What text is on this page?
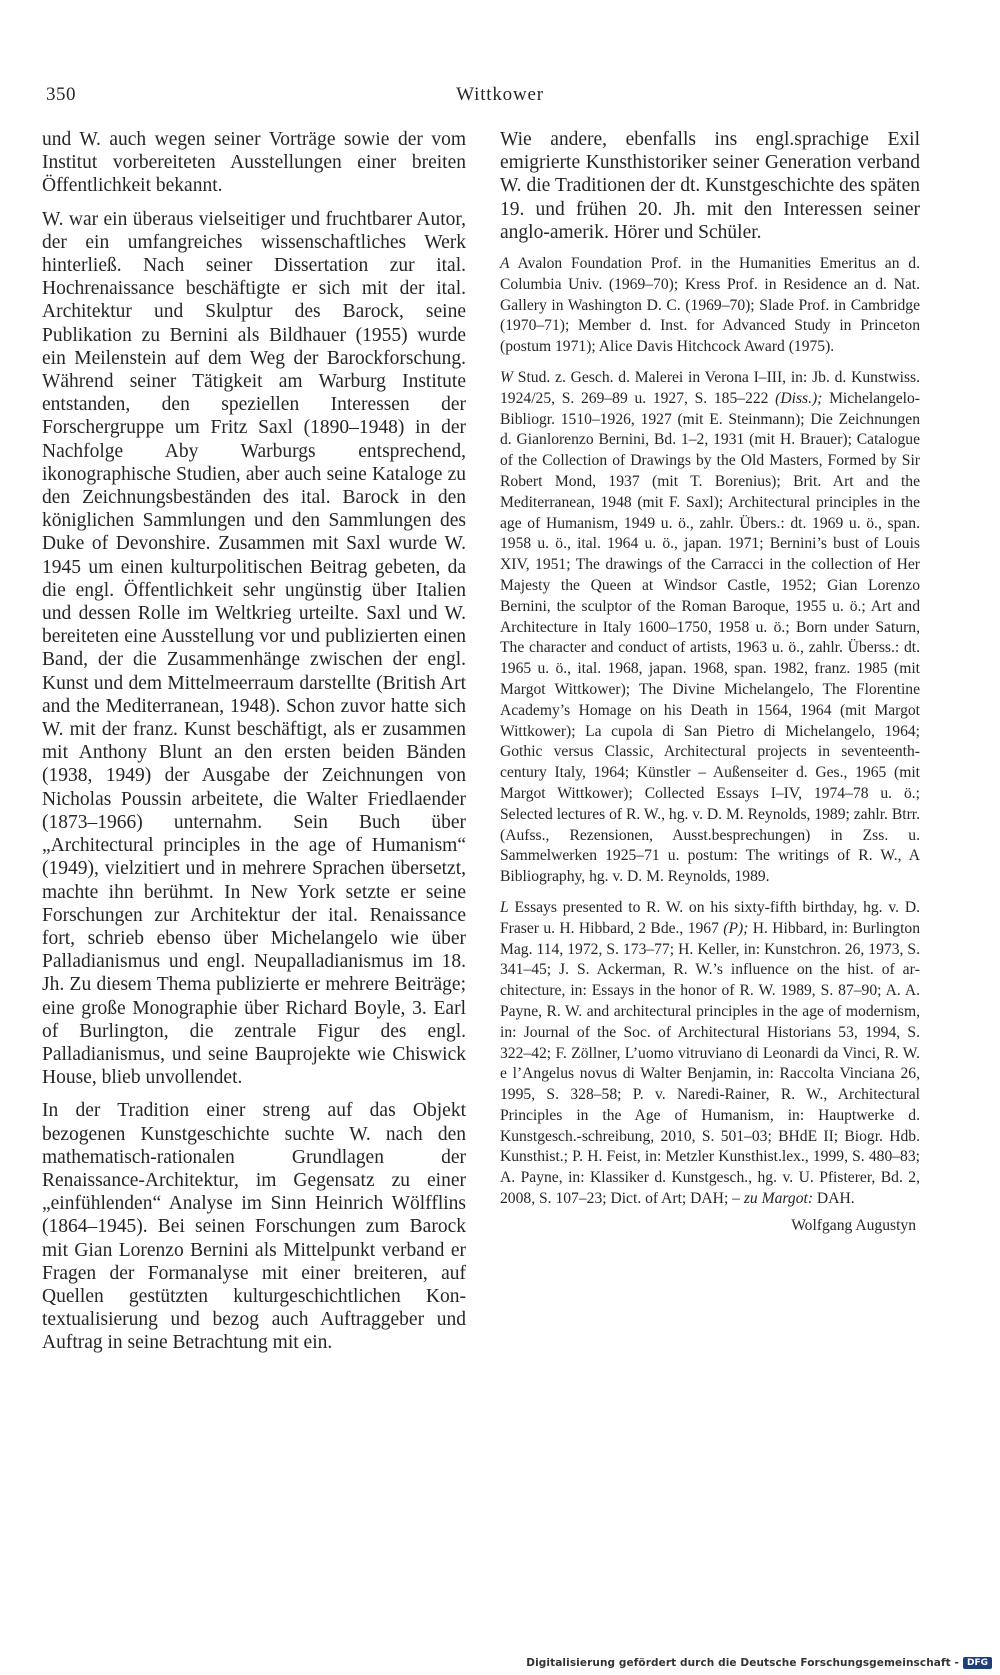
350	Wittkower

und W. auch wegen seiner Vorträge sowie der vom Institut vorbereiteten Ausstellungen einer breiten Öffentlichkeit bekannt.

W. war ein überaus vielseitiger und fruchtbarer Autor, der ein umfangreiches wissenschaftliches Werk hinterließ. Nach seiner Dissertation zur ital. Hochrenaissance beschäftigte er sich mit der ital. Architektur und Skulptur des Barock, seine Publikation zu Bernini als Bildhauer (1955) wurde ein Meilenstein auf dem Weg der Barockforschung. Während seiner Tätigkeit am Warburg Institute entstanden, den speziellen Interessen der Forschergruppe um Fritz Saxl (1890–1948) in der Nachfolge Aby Warburgs entsprechend, ikonographische Studien, aber auch seine Kataloge zu den Zeichnungsbeständen des ital. Barock in den königlichen Sammlungen und den Sammlungen des Duke of Devonshire. Zusammen mit Saxl wurde W. 1945 um einen kulturpolitischen Beitrag gebeten, da die engl. Öffentlichkeit sehr ungünstig über Italien und dessen Rolle im Weltkrieg urteilte. Saxl und W. bereiteten eine Ausstellung vor und publizierten einen Band, der die Zusammenhänge zwischen der engl. Kunst und dem Mittelmeerraum darstellte (British Art and the Mediterranean, 1948). Schon zuvor hatte sich W. mit der franz. Kunst beschäftigt, als er zusammen mit Anthony Blunt an den ersten beiden Bänden (1938, 1949) der Ausgabe der Zeichnungen von Nicholas Poussin arbeitete, die Walter Friedlaender (1873–1966) unternahm. Sein Buch über „Architectural principles in the age of Humanism“ (1949), vielzitiert und in mehrere Sprachen übersetzt, machte ihn berühmt. In New York setzte er seine Forschungen zur Architektur der ital. Renaissance fort, schrieb ebenso über Michelangelo wie über Palladianismus und engl. Neupalladianismus im 18. Jh. Zu diesem Thema publizierte er mehrere Beiträge; eine große Monographie über Richard Boyle, 3. Earl of Burlington, die zentrale Figur des engl. Palladianismus, und seine Bauprojekte wie Chiswick House, blieb unvollendet.

In der Tradition einer streng auf das Objekt bezogenen Kunstgeschichte suchte W. nach den mathematisch-rationalen Grundlagen der Renaissance-Architektur, im Gegensatz zu einer „einfühlenden“ Analyse im Sinn Heinrich Wölfflins (1864–1945). Bei seinen Forschungen zum Barock mit Gian Lorenzo Bernini als Mittelpunkt verband er Fragen der Formanalyse mit einer breiteren, auf Quellen gestützten kulturgeschichtlichen Kontextualisierung und bezog auch Auftraggeber und Auftrag in seine Betrachtung mit ein.

Wie andere, ebenfalls ins engl.sprachige Exil emigrierte Kunsthistoriker seiner Generation verband W. die Traditionen der dt. Kunstgeschichte des späten 19. und frühen 20. Jh. mit den Interessen seiner anglo-amerik. Hörer und Schüler.

A Avalon Foundation Prof. in the Humanities Emeritus an d. Columbia Univ. (1969–70); Kress Prof. in Residence an d. Nat. Gallery in Washington D. C. (1969–70); Slade Prof. in Cambridge (1970–71); Member d. Inst. for Advanced Study in Princeton (postum 1971); Alice Davis Hitchcock Award (1975).

W Stud. z. Gesch. d. Malerei in Verona I–III, in: Jb. d. Kunstwiss. 1924/25, S. 269–89 u. 1927, S. 185–222 (Diss.); Michelangelo-Bibliogr. 1510–1926, 1927 (mit E. Steinmann); Die Zeichnungen d. Gianlorenzo Bernini, Bd. 1–2, 1931 (mit H. Brauer); Catalogue of the Collection of Drawings by the Old Masters, Formed by Sir Robert Mond, 1937 (mit T. Borenius); Brit. Art and the Mediterranean, 1948 (mit F. Saxl); Architectural principles in the age of Humanism, 1949 u. ö., zahlr. Übers.: dt. 1969 u. ö., span. 1958 u. ö., ital. 1964 u. ö., japan. 1971; Bernini’s bust of Louis XIV, 1951; The drawings of the Carracci in the collection of Her Majesty the Queen at Windsor Castle, 1952; Gian Lorenzo Bernini, the sculptor of the Roman Baroque, 1955 u. ö.; Art and Architecture in Italy 1600–1750, 1958 u. ö.; Born under Saturn, The character and conduct of artists, 1963 u. ö., zahlr. Überss.: dt. 1965 u. ö., ital. 1968, japan. 1968, span. 1982, franz. 1985 (mit Margot Wittkower); The Divine Michelangelo, The Florentine Academy’s Homage on his Death in 1564, 1964 (mit Margot Wittkower); La cupola di San Pietro di Michelangelo, 1964; Gothic versus Classic, Architectural projects in seventeenth-century Italy, 1964; Künstler – Außenseiter d. Ges., 1965 (mit Margot Wittkower); Collected Essays I–IV, 1974–78 u. ö.; Selected lectures of R. W., hg. v. D. M. Reynolds, 1989; zahlr. Btrr. (Aufss., Rezensionen, Ausst.besprechungen) in Zss. u. Sammelwerken 1925–71 u. postum: The writings of R. W., A Bibliography, hg. v. D. M. Reynolds, 1989.

L Essays presented to R. W. on his sixty-fifth birthday, hg. v. D. Fraser u. H. Hibbard, 2 Bde., 1967 (P); H. Hibbard, in: Burlington Mag. 114, 1972, S. 173–77; H. Keller, in: Kunstchron. 26, 1973, S. 341–45; J. S. Ackerman, R. W.’s influence on the hist. of architecture, in: Essays in the honor of R. W. 1989, S. 87–90; A. A. Payne, R. W. and architectural principles in the age of modernism, in: Journal of the Soc. of Architectural Historians 53, 1994, S. 322–42; F. Zöllner, L’uomo vitruviano di Leonardi da Vinci, R. W. e l’Angelus novus di Walter Benjamin, in: Raccolta Vinciana 26, 1995, S. 328–58; P. v. Naredi-Rainer, R. W., Architectural Principles in the Age of Humanism, in: Hauptwerke d. Kunstgesch.-schreibung, 2010, S. 501–03; BHdE II; Biogr. Hdb. Kunsthist.; P. H. Feist, in: Metzler Kunsthist.lex., 1999, S. 480–83; A. Payne, in: Klassiker d. Kunstgesch., hg. v. U. Pfisterer, Bd. 2, 2008, S. 107–23; Dict. of Art; DAH; – zu Margot: DAH.

Wolfgang Augustyn
Digitalisierung gefördert durch die Deutsche Forschungsgemeinschaft - DFG
